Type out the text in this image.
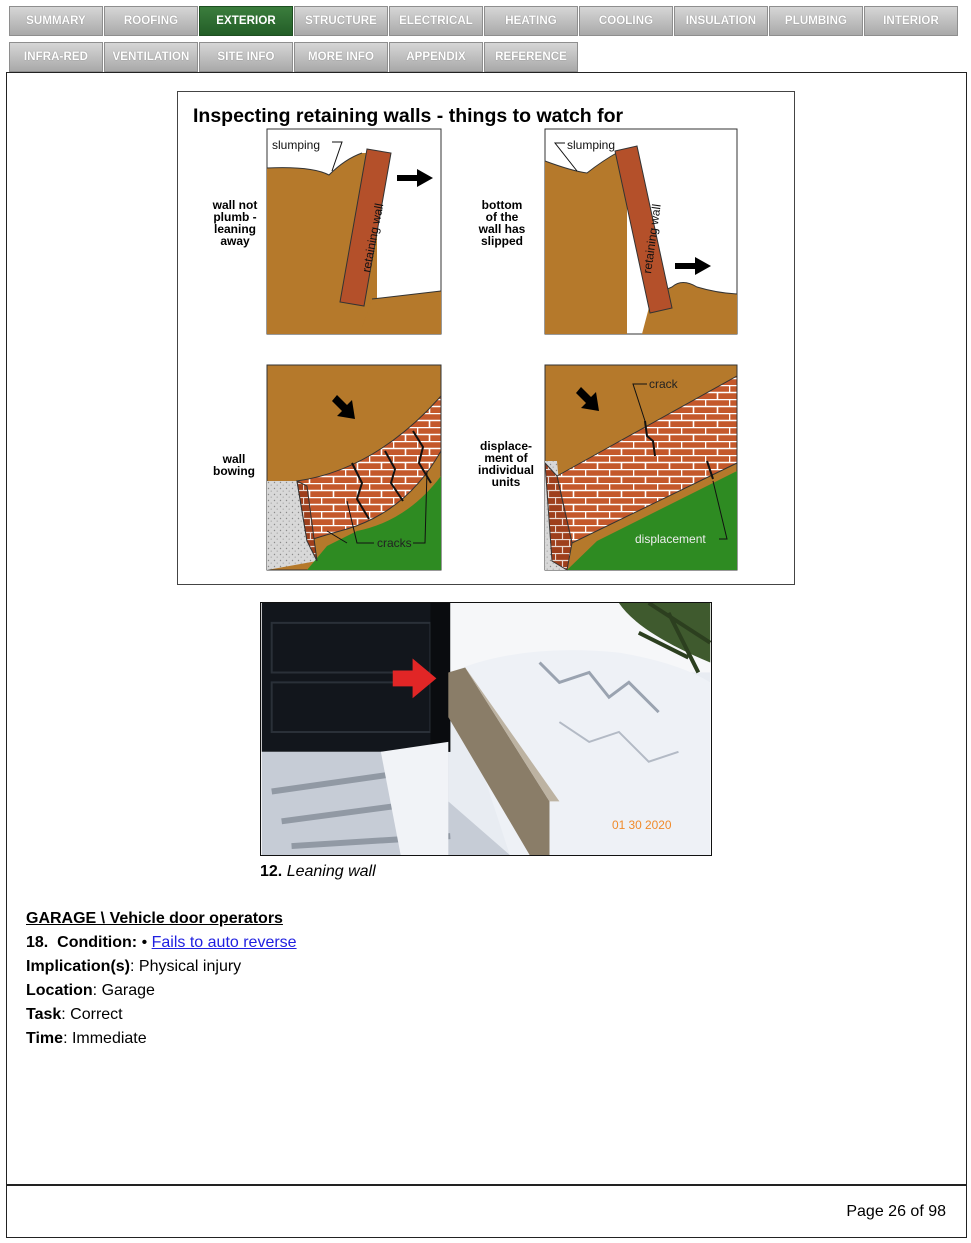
SUMMARY	ROOFING	EXTERIOR	STRUCTURE	ELECTRICAL	HEATING	COOLING	INSULATION	PLUMBING	INTERIOR
INFRA-RED	VENTILATION	SITE INFO	MORE INFO	APPENDIX	REFERENCE
Inspecting retaining walls - things to watch for
retaining wall
slumping
wall not
plumb -
leaning
away	retaining wall
slumping
bottom
of the
wall has
slipped
cracks
wall
bowing
crack
displacement
displace-
ment of
individual
units
01 30 2020
12. Leaning wall
GARAGE \ Vehicle door operators
18. Condition: • Fails to auto reverse
Implication(s): Physical injury
Location: Garage
Task: Correct
Time: Immediate
Page 26 of 98
